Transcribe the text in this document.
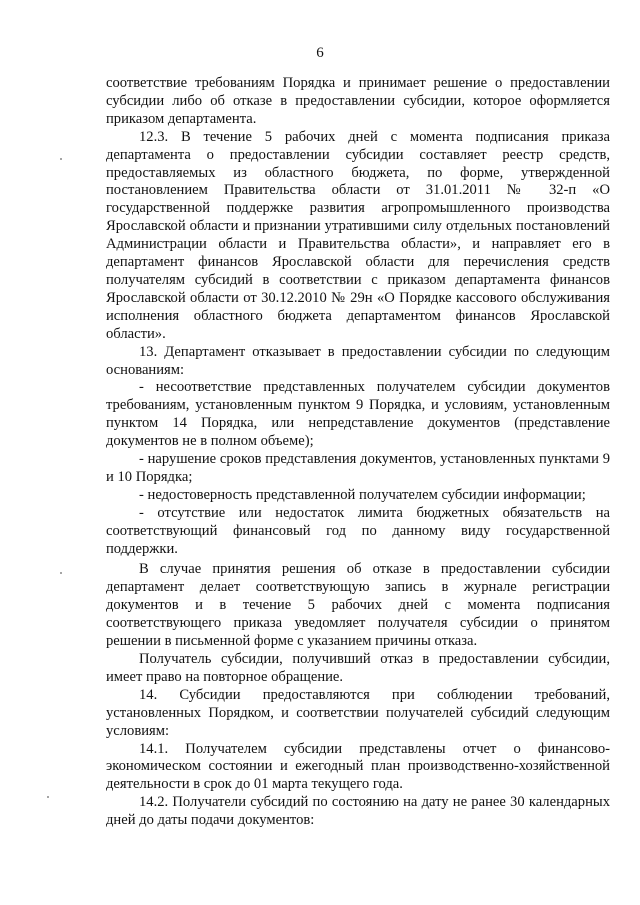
6

соответствие требованиям Порядка и принимает решение о предоставлении субсидии либо об отказе в предоставлении субсидии, которое оформляется приказом департамента.

12.3. В течение 5 рабочих дней с момента подписания приказа департамента о предоставлении субсидии составляет реестр средств, предоставляемых из областного бюджета, по форме, утвержденной постановлением Правительства области от 31.01.2011 № 32-п «О государственной поддержке развития агропромышленного производства Ярославской области и признании утратившими силу отдельных постановлений Администрации области и Правительства области», и направляет его в департамент финансов Ярославской области для перечисления средств получателям субсидий в соответствии с приказом департамента финансов Ярославской области от 30.12.2010 № 29н «О Порядке кассового обслуживания исполнения областного бюджета департаментом финансов Ярославской области».

13. Департамент отказывает в предоставлении субсидии по следующим основаниям:

- несоответствие представленных получателем субсидии документов требованиям, установленным пунктом 9 Порядка, и условиям, установленным пунктом 14 Порядка, или непредставление документов (представление документов не в полном объеме);

- нарушение сроков представления документов, установленных пунктами 9 и 10 Порядка;

- недостоверность представленной получателем субсидии информации;

- отсутствие или недостаток лимита бюджетных обязательств на соответствующий финансовый год по данному виду государственной поддержки.

В случае принятия решения об отказе в предоставлении субсидии департамент делает соответствующую запись в журнале регистрации документов и в течение 5 рабочих дней с момента подписания соответствующего приказа уведомляет получателя субсидии о принятом решении в письменной форме с указанием причины отказа.

Получатель субсидии, получивший отказ в предоставлении субсидии, имеет право на повторное обращение.

14. Субсидии предоставляются при соблюдении требований, установленных Порядком, и соответствии получателей субсидий следующим условиям:

14.1. Получателем субсидии представлены отчет о финансово-экономическом состоянии и ежегодный план производственно-хозяйственной деятельности в срок до 01 марта текущего года.

14.2. Получатели субсидий по состоянию на дату не ранее 30 календарных дней до даты подачи документов:
